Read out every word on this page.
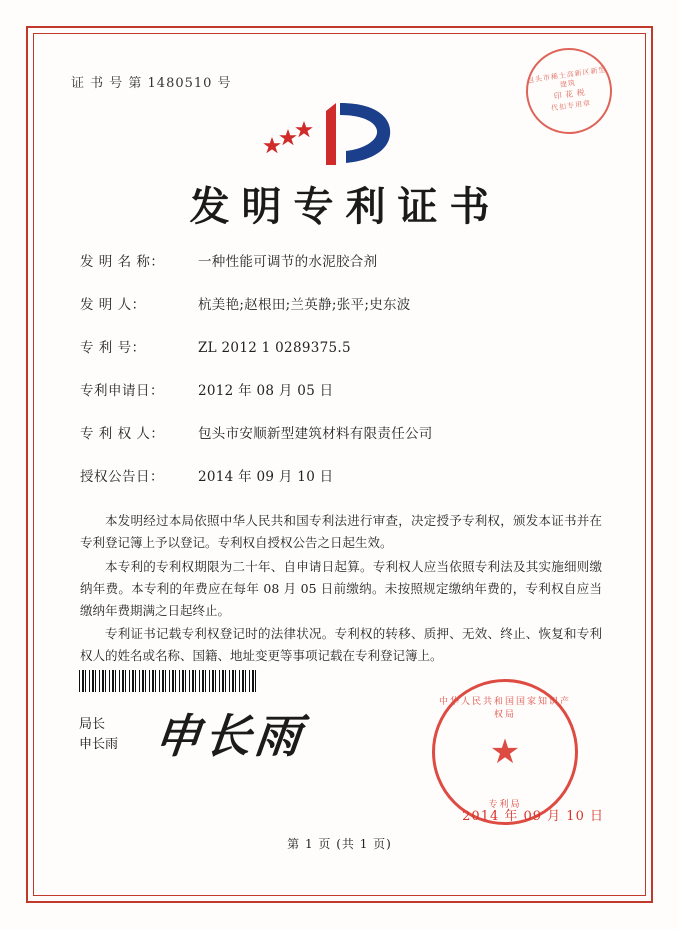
证 书 号 第 1480510 号	包头市稀土高新区新型建筑
印 花 税
代扣专用章
发明专利证书
发 明 名 称：	一种性能可调节的水泥胶合剂
发 明 人：	杭美艳;赵根田;兰英静;张平;史东波
专 利 号：	ZL 2012 1 0289375.5
专利申请日：	2012 年 08 月 05 日
专 利 权 人：	包头市安顺新型建筑材料有限责任公司
授权公告日：	2014 年 09 月 10 日

本发明经过本局依照中华人民共和国专利法进行审查，决定授予专利权，颁发本证书并在专利登记簿上予以登记。专利权自授权公告之日起生效。

本专利的专利权期限为二十年、自申请日起算。专利权人应当依照专利法及其实施细则缴纳年费。本专利的年费应在每年 08 月 05 日前缴纳。未按照规定缴纳年费的，专利权自应当缴纳年费期满之日起终止。

专利证书记载专利权登记时的法律状况。专利权的转移、质押、无效、终止、恢复和专利权人的姓名或名称、国籍、地址变更等事项记载在专利登记簿上。

局长
申长雨 申长雨
中华人民共和国国家知识产权局
★
专利局
2014 年 09 月 10 日
第 1 页 (共 1 页)
